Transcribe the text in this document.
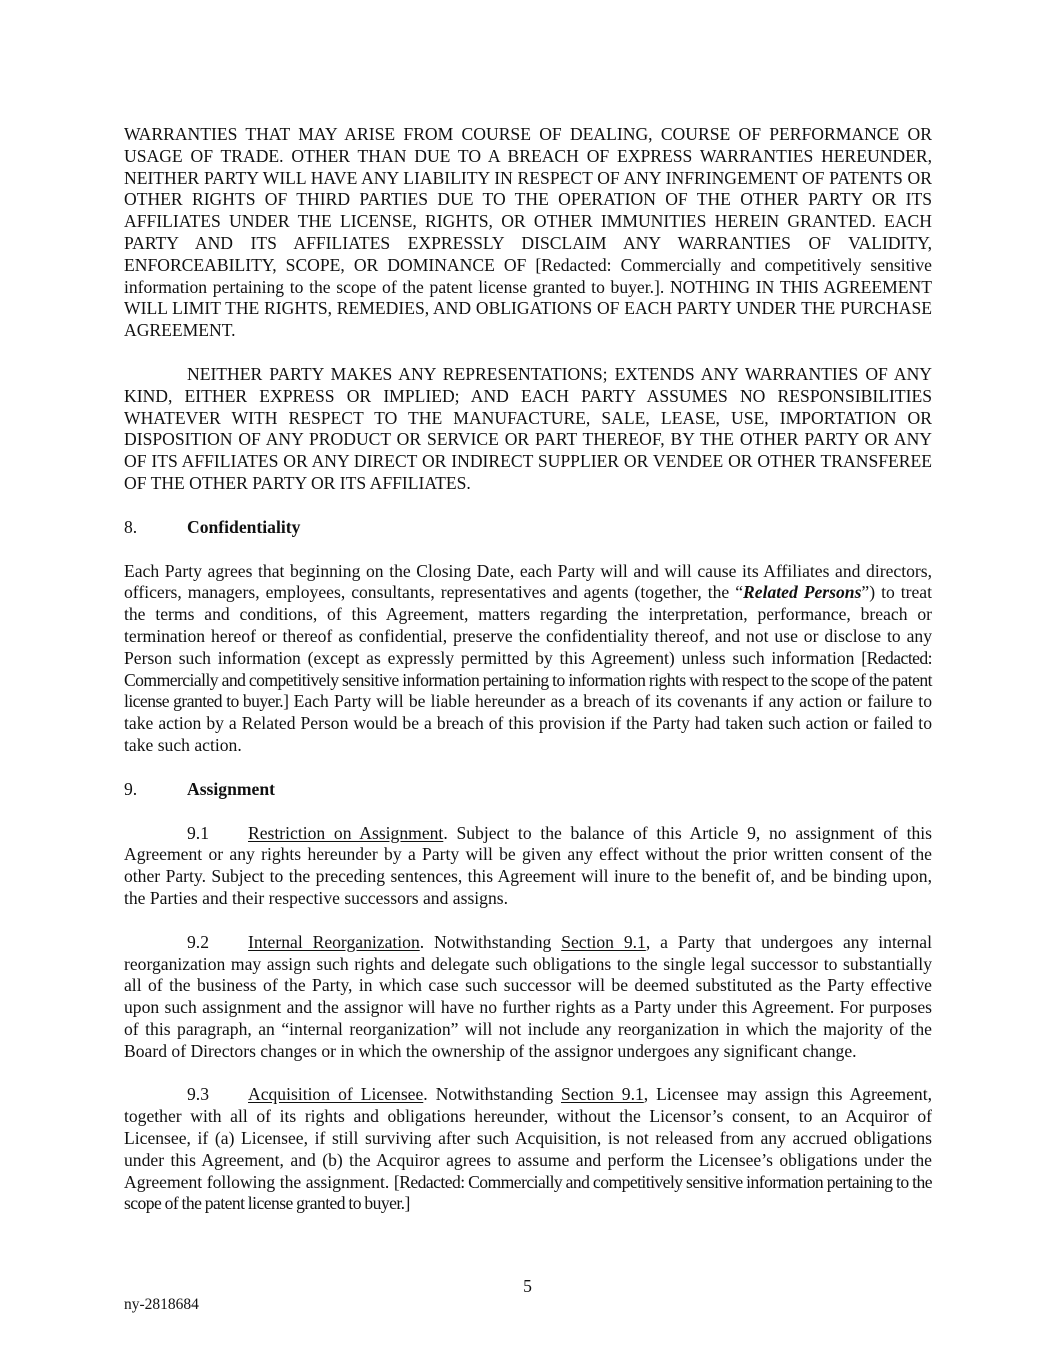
WARRANTIES THAT MAY ARISE FROM COURSE OF DEALING, COURSE OF PERFORMANCE OR USAGE OF TRADE. OTHER THAN DUE TO A BREACH OF EXPRESS WARRANTIES HEREUNDER, NEITHER PARTY WILL HAVE ANY LIABILITY IN RESPECT OF ANY INFRINGEMENT OF PATENTS OR OTHER RIGHTS OF THIRD PARTIES DUE TO THE OPERATION OF THE OTHER PARTY OR ITS AFFILIATES UNDER THE LICENSE, RIGHTS, OR OTHER IMMUNITIES HEREIN GRANTED. EACH PARTY AND ITS AFFILIATES EXPRESSLY DISCLAIM ANY WARRANTIES OF VALIDITY, ENFORCEABILITY, SCOPE, OR DOMINANCE OF [Redacted: Commercially and competitively sensitive information pertaining to the scope of the patent license granted to buyer.]. NOTHING IN THIS AGREEMENT WILL LIMIT THE RIGHTS, REMEDIES, AND OBLIGATIONS OF EACH PARTY UNDER THE PURCHASE AGREEMENT.

NEITHER PARTY MAKES ANY REPRESENTATIONS; EXTENDS ANY WARRANTIES OF ANY KIND, EITHER EXPRESS OR IMPLIED; AND EACH PARTY ASSUMES NO RESPONSIBILITIES WHATEVER WITH RESPECT TO THE MANUFACTURE, SALE, LEASE, USE, IMPORTATION OR DISPOSITION OF ANY PRODUCT OR SERVICE OR PART THEREOF, BY THE OTHER PARTY OR ANY OF ITS AFFILIATES OR ANY DIRECT OR INDIRECT SUPPLIER OR VENDEE OR OTHER TRANSFEREE OF THE OTHER PARTY OR ITS AFFILIATES.

8.	Confidentiality

Each Party agrees that beginning on the Closing Date, each Party will and will cause its Affiliates and directors, officers, managers, employees, consultants, representatives and agents (together, the “Related Persons”) to treat the terms and conditions, of this Agreement, matters regarding the interpretation, performance, breach or termination hereof or thereof as confidential, preserve the confidentiality thereof, and not use or disclose to any Person such information (except as expressly permitted by this Agreement) unless such information [Redacted: Commercially and competitively sensitive information pertaining to information rights with respect to the scope of the patent license granted to buyer.] Each Party will be liable hereunder as a breach of its covenants if any action or failure to take action by a Related Person would be a breach of this provision if the Party had taken such action or failed to take such action.

9.	Assignment

9.1 Restriction on Assignment. Subject to the balance of this Article 9, no assignment of this Agreement or any rights hereunder by a Party will be given any effect without the prior written consent of the other Party. Subject to the preceding sentences, this Agreement will inure to the benefit of, and be binding upon, the Parties and their respective successors and assigns.

9.2 Internal Reorganization. Notwithstanding Section 9.1, a Party that undergoes any internal reorganization may assign such rights and delegate such obligations to the single legal successor to substantially all of the business of the Party, in which case such successor will be deemed substituted as the Party effective upon such assignment and the assignor will have no further rights as a Party under this Agreement. For purposes of this paragraph, an “internal reorganization” will not include any reorganization in which the majority of the Board of Directors changes or in which the ownership of the assignor undergoes any significant change.

9.3 Acquisition of Licensee. Notwithstanding Section 9.1, Licensee may assign this Agreement, together with all of its rights and obligations hereunder, without the Licensor’s consent, to an Acquiror of Licensee, if (a) Licensee, if still surviving after such Acquisition, is not released from any accrued obligations under this Agreement, and (b) the Acquiror agrees to assume and perform the Licensee’s obligations under the Agreement following the assignment. [Redacted: Commercially and competitively sensitive information pertaining to the scope of the patent license granted to buyer.]

5
ny-2818684
